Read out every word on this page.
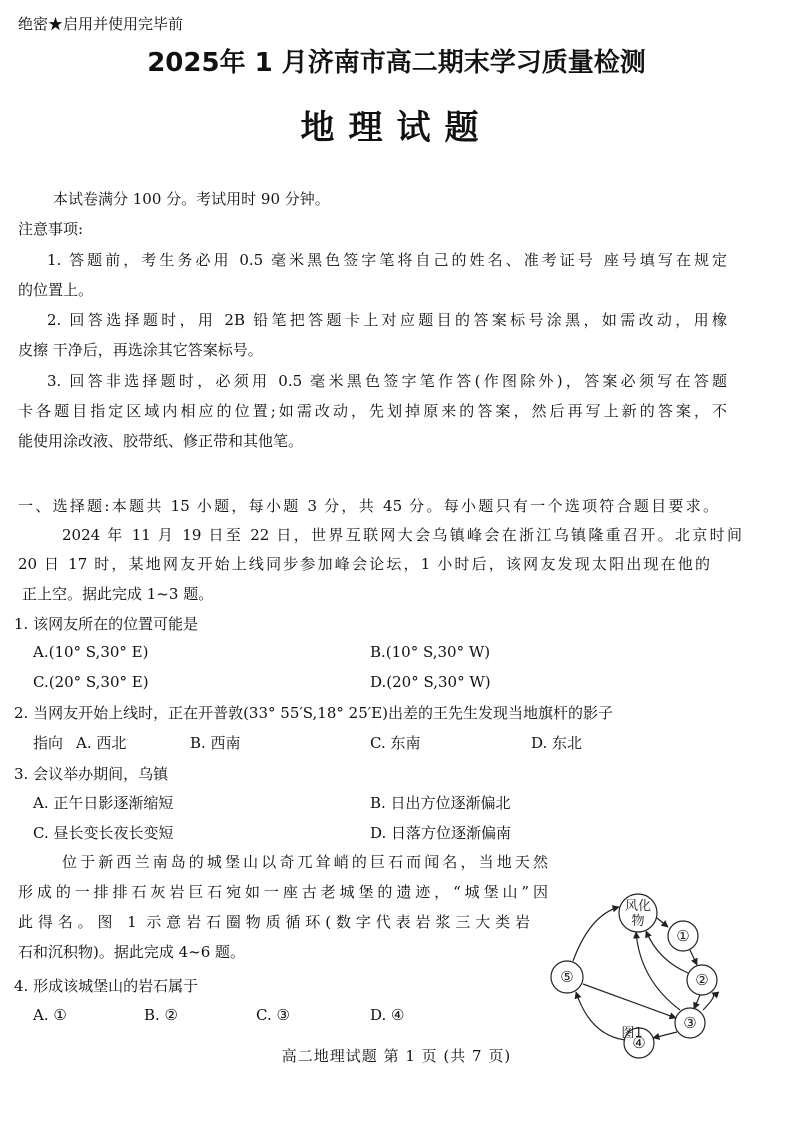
绝密★启用并使用完毕前
2025年 1 月济南市高二期末学习质量检测
地理试题
本试卷满分 100 分。考试用时 90 分钟。
注意事项:
1. 答题前，考生务必用 0.5 毫米黑色签字笔将自己的姓名、准考证号 座号填写在规定
的位置上。
2. 回答选择题时，用 2B 铅笔把答题卡上对应题目的答案标号涂黑，如需改动，用橡
皮擦 干净后，再选涂其它答案标号。
3. 回答非选择题时，必须用 0.5 毫米黑色签字笔作答(作图除外)，答案必须写在答题
卡各题目指定区域内相应的位置;如需改动，先划掉原来的答案，然后再写上新的答案，不
能使用涂改液、胶带纸、修正带和其他笔。
一、选择题:本题共 15 小题，每小题 3 分，共 45 分。每小题只有一个选项符合题目要求。
2024 年 11 月 19 日至 22 日，世界互联网大会乌镇峰会在浙江乌镇隆重召开。北京时间
20 日 17 时，某地网友开始上线同步参加峰会论坛，1 小时后，该网友发现太阳出现在他的
正上空。据此完成 1~3 题。
1. 该网友所在的位置可能是
A.(10° S,30° E)	B.(10° S,30° W)
C.(20° S,30° E)	D.(20° S,30° W)
2. 当网友开始上线时，正在开普敦(33° 55′S,18° 25′E)出差的王先生发现当地旗杆的影子
指向 A. 西北	B. 西南	C. 东南	D. 东北
3. 会议举办期间，乌镇
A. 正午日影逐渐缩短	B. 日出方位逐渐偏北
C. 昼长变长夜长变短	D. 日落方位逐渐偏南
位于新西兰南岛的城堡山以奇兀耸峭的巨石而闻名，当地天然
形成的一排排石灰岩巨石宛如一座古老城堡的遗迹，“城堡山”因
此得名。图 1 示意岩石圈物质循环(数字代表岩浆三大类岩
石和沉积物)。据此完成 4~6 题。
4. 形成该城堡山的岩石属于
A. ①	B. ②	C. ③	D. ④
风化
物
①
②
③
④
⑤
图1
高二地理试题 第 1 页 (共 7 页)
